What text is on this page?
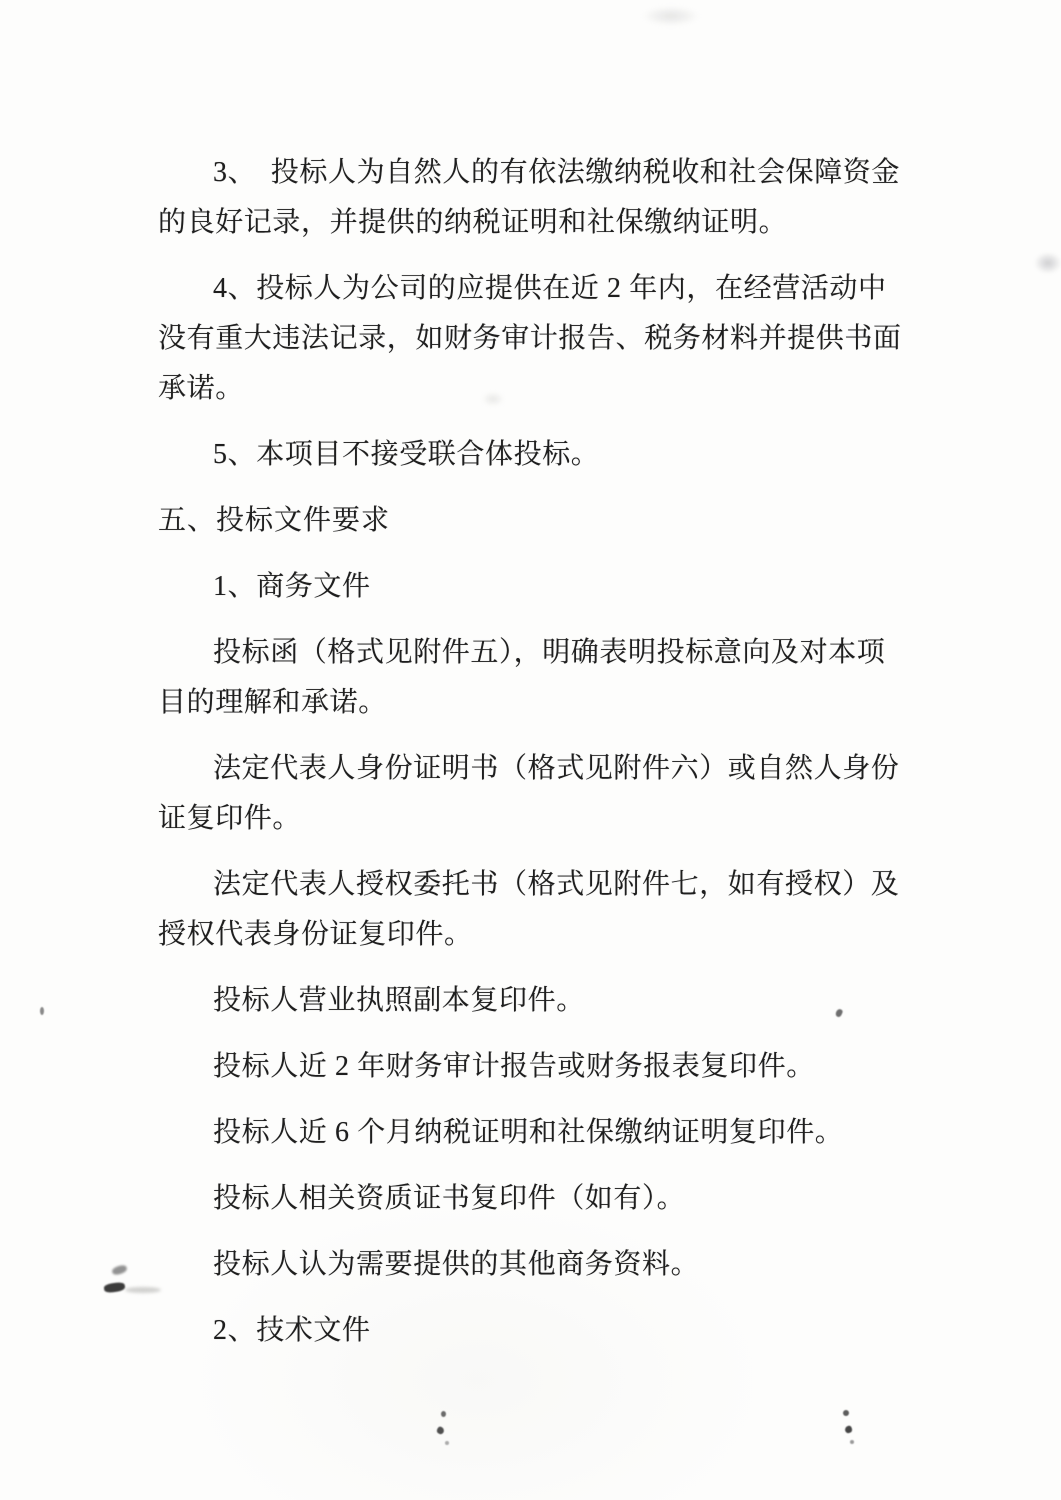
3、　投标人为自然人的有依法缴纳税收和社会保障资金
的良好记录，并提供的纳税证明和社保缴纳证明。
4、投标人为公司的应提供在近 2 年内，在经营活动中
没有重大违法记录，如财务审计报告、税务材料并提供书面
承诺。
5、本项目不接受联合体投标。
五、投标文件要求
1、商务文件
投标函（格式见附件五），明确表明投标意向及对本项
目的理解和承诺。
法定代表人身份证明书（格式见附件六）或自然人身份
证复印件。
法定代表人授权委托书（格式见附件七，如有授权）及
授权代表身份证复印件。
投标人营业执照副本复印件。
投标人近 2 年财务审计报告或财务报表复印件。
投标人近 6 个月纳税证明和社保缴纳证明复印件。
投标人相关资质证书复印件（如有）。
投标人认为需要提供的其他商务资料。
2、技术文件
